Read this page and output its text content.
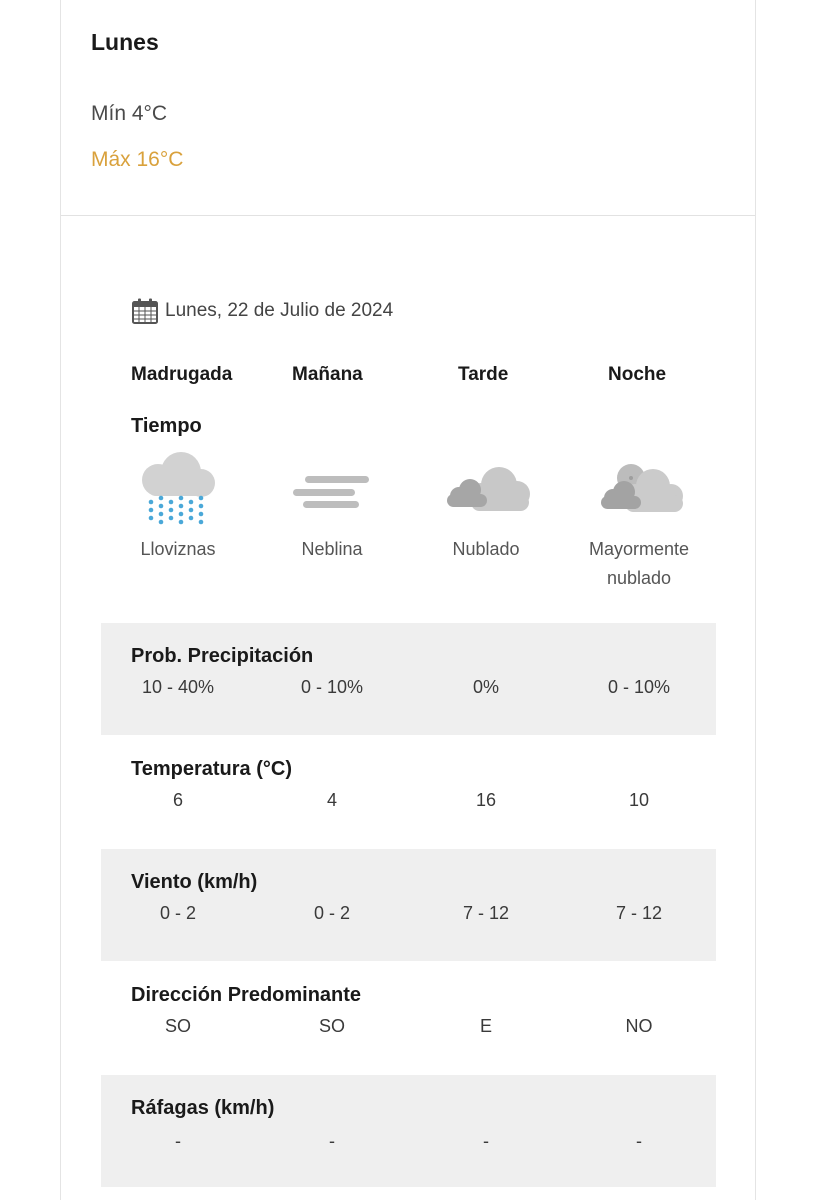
Lunes
Mín 4°C
Máx 16°C
Lunes, 22 de Julio de 2024
Madrugada	Mañana	Tarde	Noche
Tiempo
Lloviznas	Neblina	Nublado	Mayormente nublado
Prob. Precipitación
10 - 40%	0 - 10%	0%	0 - 10%
Temperatura (°C)
6	4	16	10
Viento (km/h)
0 - 2	0 - 2	7 - 12	7 - 12
Dirección Predominante
SO	SO	E	NO
Ráfagas (km/h)
-	-	-	-
